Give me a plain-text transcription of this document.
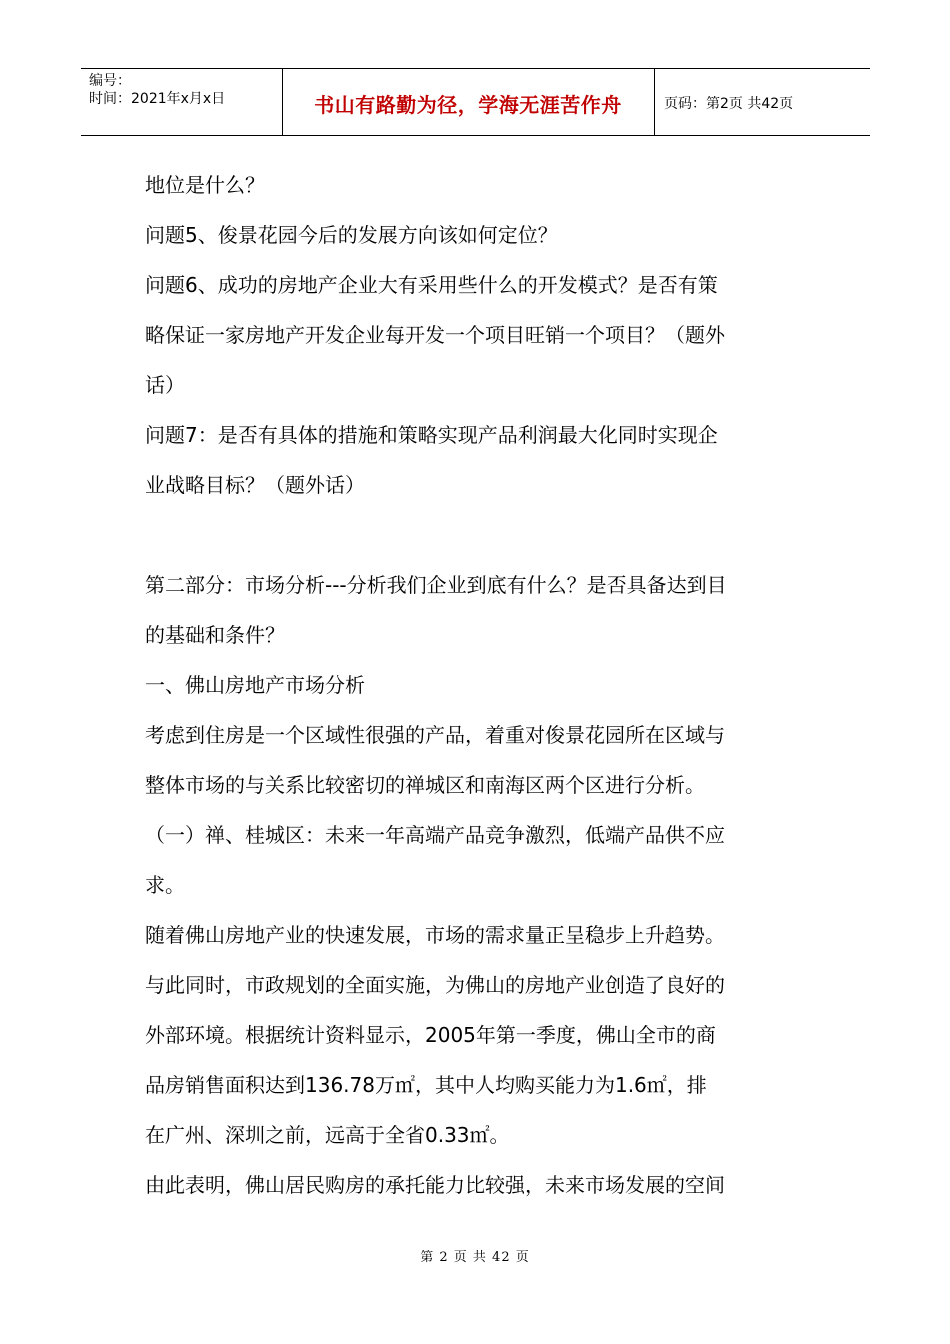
编号：
时间：2021年x月x日	书山有路勤为径，学海无涯苦作舟	页码：第2页 共42页
地位是什么？
问题5、俊景花园今后的发展方向该如何定位？
问题6、成功的房地产企业大有采用些什么的开发模式？是否有策
略保证一家房地产开发企业每开发一个项目旺销一个项目？（题外
话）
问题7：是否有具体的措施和策略实现产品利润最大化同时实现企
业战略目标？（题外话）
第二部分：市场分析---分析我们企业到底有什么？是否具备达到目
的基础和条件？
一、佛山房地产市场分析
考虑到住房是一个区域性很强的产品，着重对俊景花园所在区域与
整体市场的与关系比较密切的禅城区和南海区两个区进行分析。
（一）禅、桂城区：未来一年高端产品竞争激烈，低端产品供不应
求。
随着佛山房地产业的快速发展，市场的需求量正呈稳步上升趋势。
与此同时，市政规划的全面实施，为佛山的房地产业创造了良好的
外部环境。根据统计资料显示，2005年第一季度，佛山全市的商
品房销售面积达到136.78万㎡，其中人均购买能力为1.6㎡，排
在广州、深圳之前，远高于全省0.33㎡。
由此表明，佛山居民购房的承托能力比较强，未来市场发展的空间
第 2 页 共 42 页
